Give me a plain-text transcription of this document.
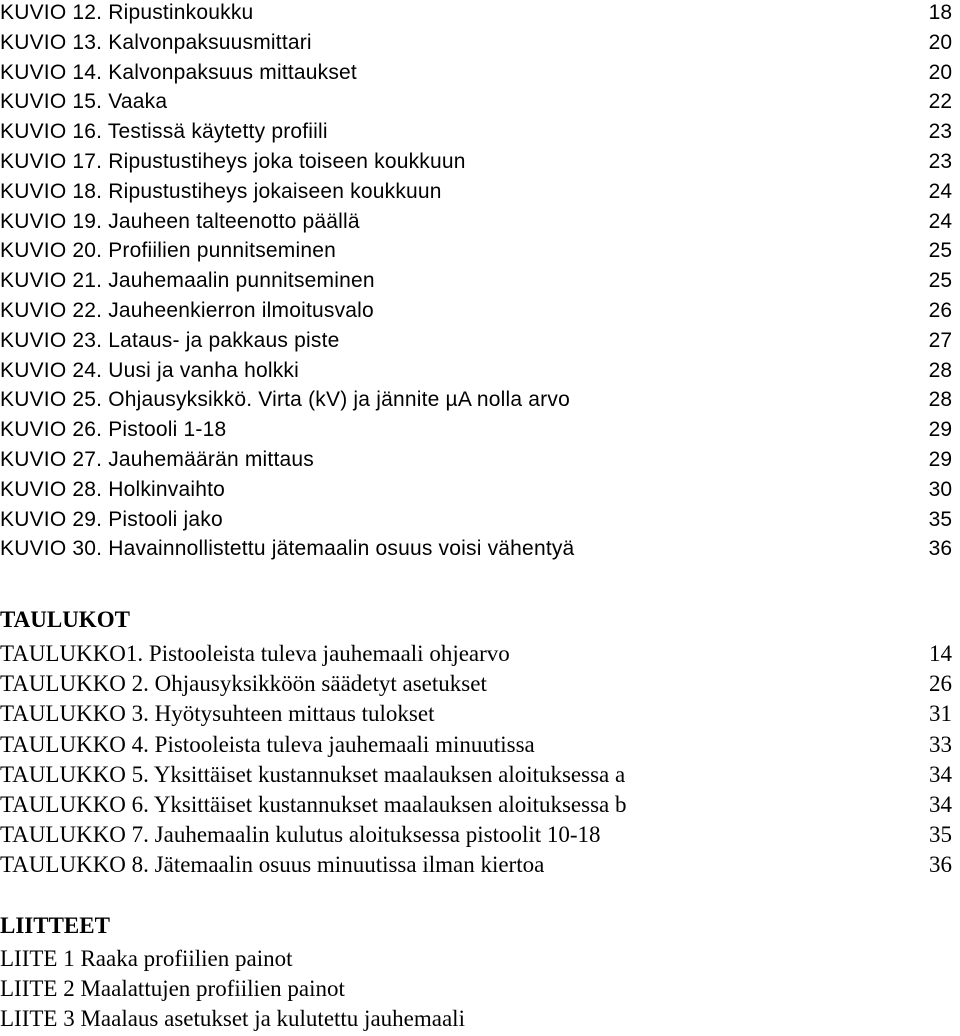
KUVIO 12. Ripustinkoukku	18
KUVIO 13. Kalvonpaksuusmittari	20
KUVIO 14. Kalvonpaksuus mittaukset	20
KUVIO 15. Vaaka	22
KUVIO 16. Testissä käytetty profiili	23
KUVIO 17. Ripustustiheys joka toiseen koukkuun	23
KUVIO 18. Ripustustiheys jokaiseen koukkuun	24
KUVIO 19. Jauheen talteenotto päällä	24
KUVIO 20. Profiilien punnitseminen	25
KUVIO 21. Jauhemaalin punnitseminen	25
KUVIO 22. Jauheenkierron ilmoitusvalo	26
KUVIO 23. Lataus- ja pakkaus piste	27
KUVIO 24. Uusi ja vanha holkki	28
KUVIO 25. Ohjausyksikkö. Virta (kV) ja jännite µA nolla arvo	28
KUVIO 26. Pistooli 1-18	29
KUVIO 27. Jauhemäärän mittaus	29
KUVIO 28. Holkinvaihto	30
KUVIO 29. Pistooli jako	35
KUVIO 30. Havainnollistettu jätemaalin osuus voisi vähentyä	36
TAULUKOT
TAULUKKO1. Pistooleista tuleva jauhemaali ohjearvo	14
TAULUKKO 2. Ohjausyksikköön säädetyt asetukset	26
TAULUKKO 3. Hyötysuhteen mittaus tulokset	31
TAULUKKO 4. Pistooleista tuleva jauhemaali minuutissa	33
TAULUKKO 5. Yksittäiset kustannukset maalauksen aloituksessa a	34
TAULUKKO 6. Yksittäiset kustannukset maalauksen aloituksessa b	34
TAULUKKO 7. Jauhemaalin kulutus aloituksessa pistoolit 10-18	35
TAULUKKO 8. Jätemaalin osuus minuutissa ilman kiertoa	36
LIITTEET
LIITE 1 Raaka profiilien painot
LIITE 2 Maalattujen profiilien painot
LIITE 3 Maalaus asetukset ja kulutettu jauhemaali
